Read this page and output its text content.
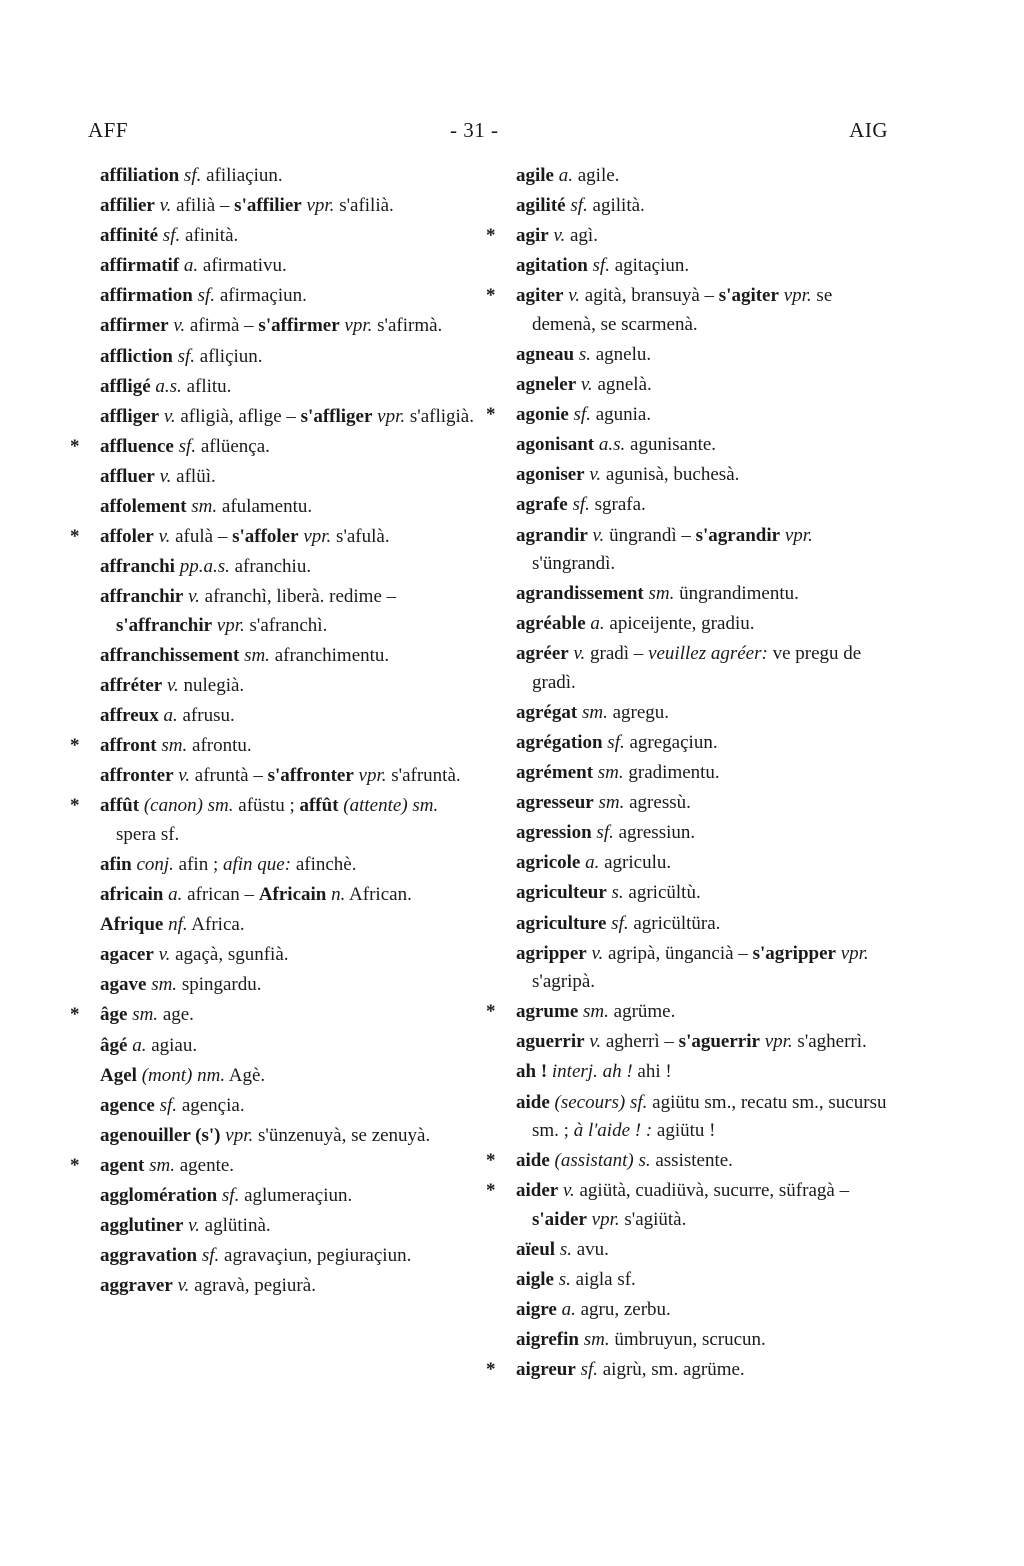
AFF	- 31 -	AIG
affiliation sf. afiliaçiun.
affilier v. afilià – s'affilier vpr. s'afilià.
affinité sf. afinità.
affirmatif a. afirmativu.
affirmation sf. afirmaçiun.
affirmer v. afirmà – s'affirmer vpr. s'afirmà.
affliction sf. afliçiun.
affligé a.s. aflitu.
affliger v. afligià, aflige – s'affliger vpr. s'afligià.
* affluence sf. aflüença.
affluer v. aflüì.
affolement sm. afulamentu.
* affoler v. afulà – s'affoler vpr. s'afulà.
affranchi pp.a.s. afranchiu.
affranchir v. afranchì, liberà. redime – s'affranchir vpr. s'afranchì.
affranchissement sm. afranchimentu.
affréter v. nulegià.
affreux a. afrusu.
* affront sm. afrontu.
affronter v. afruntà – s'affronter vpr. s'afruntà.
* affût (canon) sm. afüstu ; affût (attente) sm. spera sf.
afin conj. afin ; afin que: afinchè.
africain a. african – Africain n. African.
Afrique nf. Africa.
agacer v. agaçà, sgunfià.
agave sm. spingardu.
* âge sm. age.
âgé a. agiau.
Agel (mont) nm. Agè.
agence sf. agençia.
agenouiller (s') vpr. s'ünzenuyà, se zenuyà.
* agent sm. agente.
agglomération sf. aglumeraçiun.
agglutiner v. aglütinà.
aggravation sf. agravaçiun, pegiuraçiun.
aggraver v. agravà, pegiurà.
agile a. agile.
agilité sf. agilità.
* agir v. agì.
agitation sf. agitaçiun.
* agiter v. agità, bransuyà – s'agiter vpr. se demenà, se scarmenà.
agneau s. agnelu.
agneler v. agnelà.
* agonie sf. agunia.
agonisant a.s. agunisante.
agoniser v. agunisà, buchesà.
agrafe sf. sgrafa.
agrandir v. üngrandì – s'agrandir vpr. s'üngrandì.
agrandissement sm. üngrandimentu.
agréable a. apiceijente, gradiu.
agréer v. gradì – veuillez agréer: ve pregu de gradì.
agrégat sm. agregu.
agrégation sf. agregaçiun.
agrément sm. gradimentu.
agresseur sm. agressù.
agression sf. agressiun.
agricole a. agriculu.
agriculteur s. agricültù.
agriculture sf. agricültüra.
agripper v. agripà, üngancià – s'agripper vpr. s'agripà.
* agrume sm. agrüme.
aguerrir v. agherrì – s'aguerrir vpr. s'agherrì.
ah ! interj. ah ! ahi !
aide (secours) sf. agiütu sm., recatu sm., sucursu sm. ; à l'aide ! : agiütu !
* aide (assistant) s. assistente.
* aider v. agiütà, cuadiüvà, sucurre, süfragà – s'aider vpr. s'agiütà.
aïeul s. avu.
aigle s. aigla sf.
aigre a. agru, zerbu.
aigrefin sm. ümbruyun, scrucun.
* aigreur sf. aigrù, sm. agrüme.
